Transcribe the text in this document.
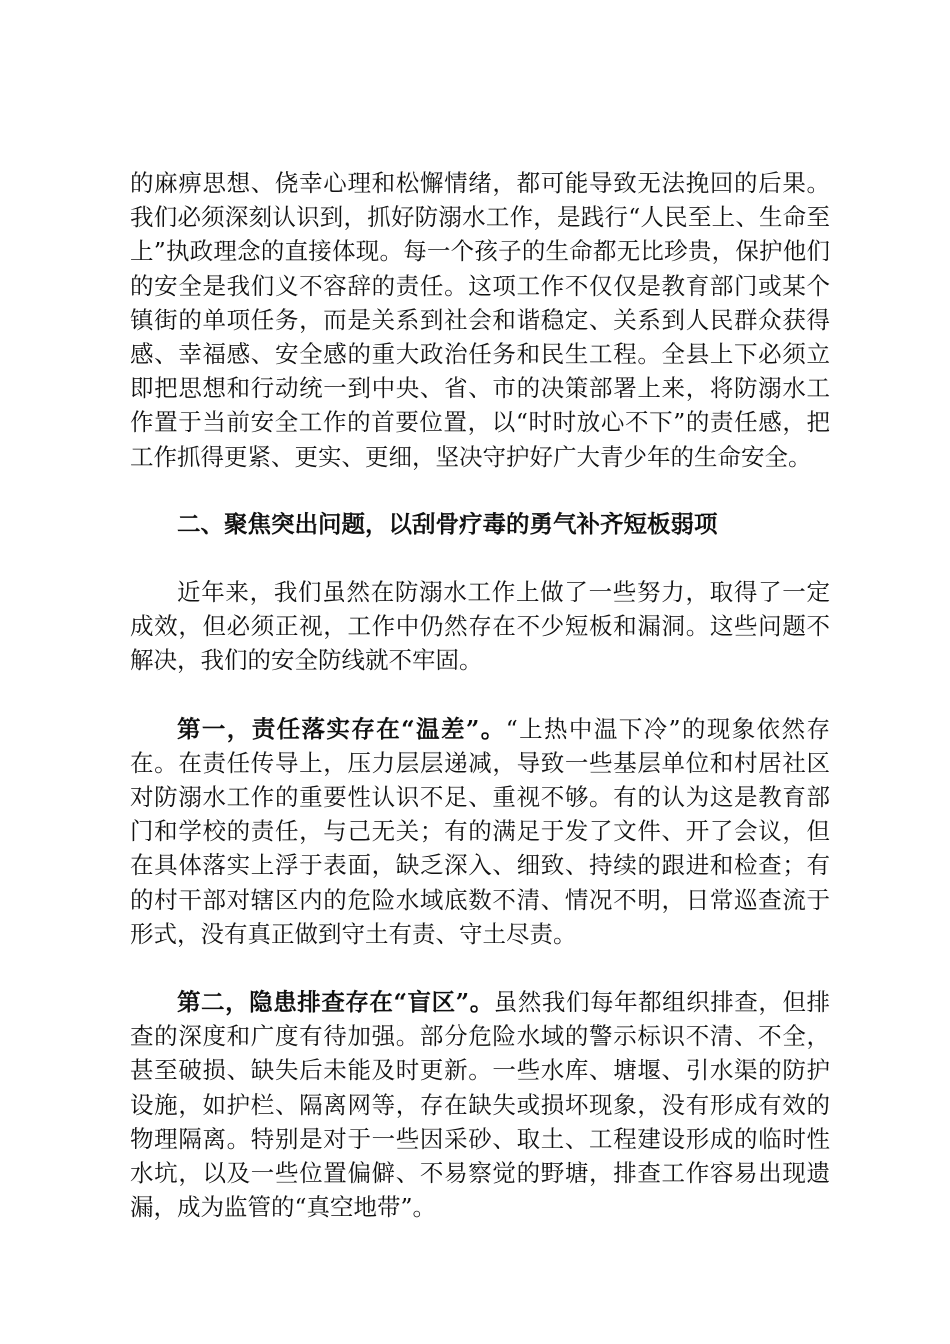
的麻痹思想、侥幸心理和松懈情绪，都可能导致无法挽回的后果。我们必须深刻认识到，抓好防溺水工作，是践行“人民至上、生命至上”执政理念的直接体现。每一个孩子的生命都无比珍贵，保护他们的安全是我们义不容辞的责任。这项工作不仅仅是教育部门或某个镇街的单项任务，而是关系到社会和谐稳定、关系到人民群众获得感、幸福感、安全感的重大政治任务和民生工程。全县上下必须立即把思想和行动统一到中央、省、市的决策部署上来，将防溺水工作置于当前安全工作的首要位置，以“时时放心不下”的责任感，把工作抓得更紧、更实、更细，坚决守护好广大青少年的生命安全。

二、聚焦突出问题，以刮骨疗毒的勇气补齐短板弱项

近年来，我们虽然在防溺水工作上做了一些努力，取得了一定成效，但必须正视，工作中仍然存在不少短板和漏洞。这些问题不解决，我们的安全防线就不牢固。

第一，责任落实存在“温差”。“上热中温下冷”的现象依然存在。在责任传导上，压力层层递减，导致一些基层单位和村居社区对防溺水工作的重要性认识不足、重视不够。有的认为这是教育部门和学校的责任，与己无关；有的满足于发了文件、开了会议，但在具体落实上浮于表面，缺乏深入、细致、持续的跟进和检查；有的村干部对辖区内的危险水域底数不清、情况不明，日常巡查流于形式，没有真正做到守土有责、守土尽责。

第二，隐患排查存在“盲区”。虽然我们每年都组织排查，但排查的深度和广度有待加强。部分危险水域的警示标识不清、不全，甚至破损、缺失后未能及时更新。一些水库、塘堰、引水渠的防护设施，如护栏、隔离网等，存在缺失或损坏现象，没有形成有效的物理隔离。特别是对于一些因采砂、取土、工程建设形成的临时性水坑，以及一些位置偏僻、不易察觉的野塘，排查工作容易出现遗漏，成为监管的“真空地带”。
